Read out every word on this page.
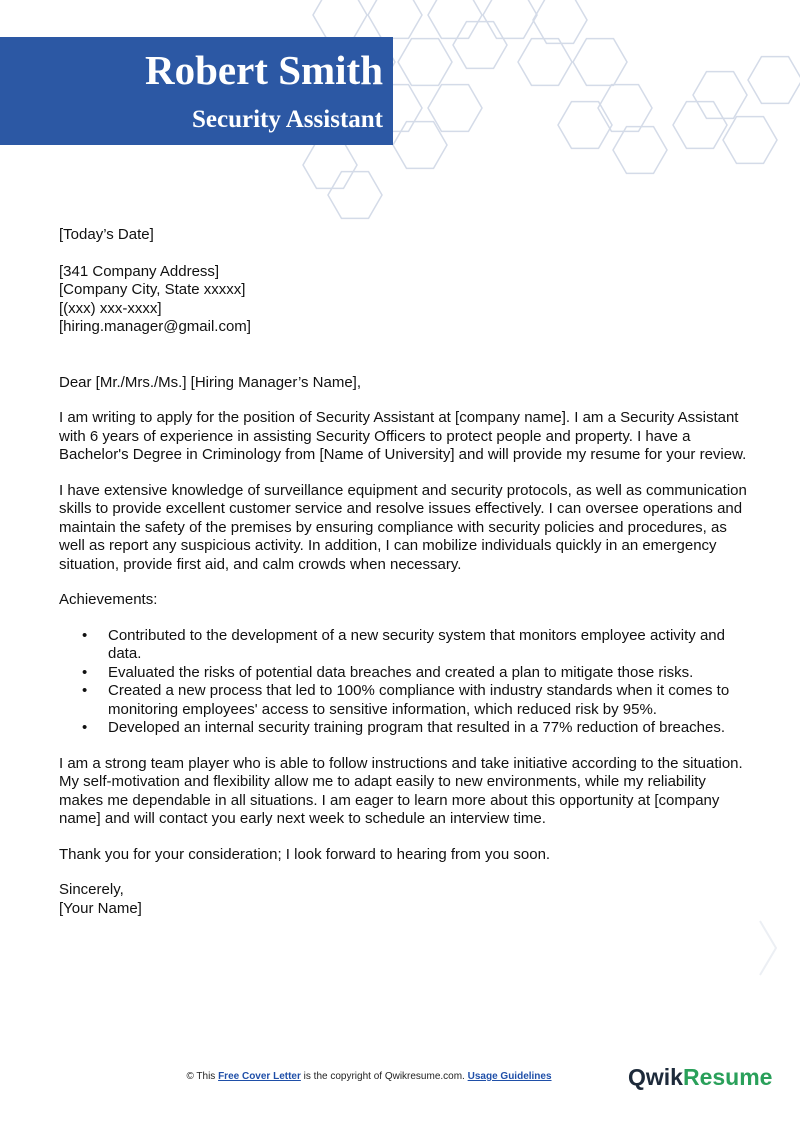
Robert Smith
Security Assistant

[Today’s Date]

[341 Company Address]

[Company City, State xxxxx]

[(xxx) xxx-xxxx]

[hiring.manager@gmail.com]

Dear [Mr./Mrs./Ms.] [Hiring Manager’s Name],

I am writing to apply for the position of Security Assistant at [company name]. I am a Security Assistant with 6 years of experience in assisting Security Officers to protect people and property. I have a Bachelor's Degree in Criminology from [Name of University] and will provide my resume for your review.

I have extensive knowledge of surveillance equipment and security protocols, as well as communication skills to provide excellent customer service and resolve issues effectively. I can oversee operations and maintain the safety of the premises by ensuring compliance with security policies and procedures, as well as report any suspicious activity. In addition, I can mobilize individuals quickly in an emergency situation, provide first aid, and calm crowds when necessary.

Achievements:

• Contributed to the development of a new security system that monitors employee activity and data.
• Evaluated the risks of potential data breaches and created a plan to mitigate those risks.
• Created a new process that led to 100% compliance with industry standards when it comes to monitoring employees' access to sensitive information, which reduced risk by 95%.
• Developed an internal security training program that resulted in a 77% reduction of breaches.

I am a strong team player who is able to follow instructions and take initiative according to the situation. My self-motivation and flexibility allow me to adapt easily to new environments, while my reliability makes me dependable in all situations. I am eager to learn more about this opportunity at [company name] and will contact you early next week to schedule an interview time.

Thank you for your consideration; I look forward to hearing from you soon.

Sincerely,

[Your Name]

© This Free Cover Letter is the copyright of Qwikresume.com. Usage Guidelines	QwikResume
